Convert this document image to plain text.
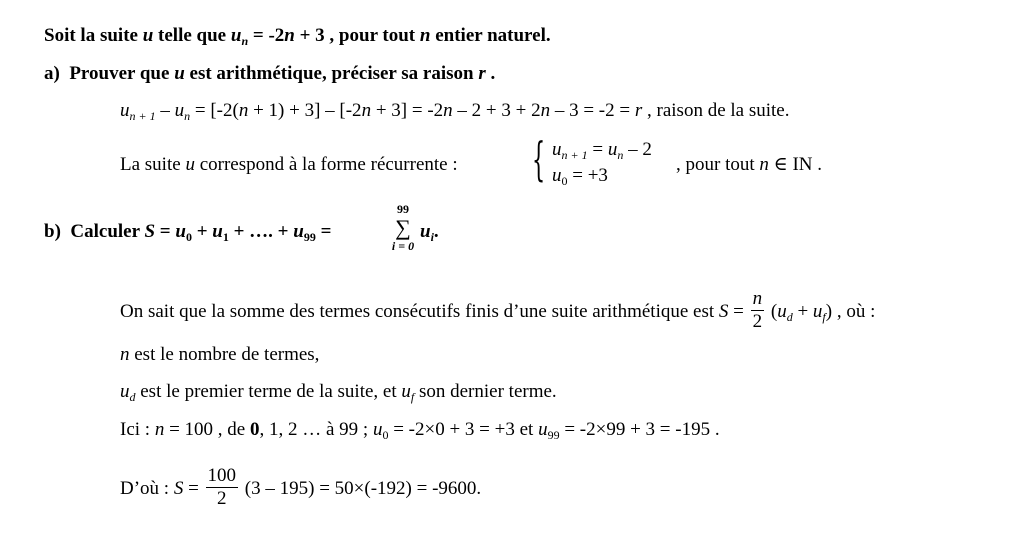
Soit la suite u telle que $u_n = -2n + 3$ , pour tout n entier naturel.
a) Prouver que u est arithmétique, préciser sa raison r .
$u_{n + 1} - u_n = [-2(n + 1) + 3] - [-2n + 3] = -2n - 2 + 3 + 2n - 3 = -2 = r$ , raison de la suite.
La suite u correspond à la forme récurrente : { $u_{n + 1} = u_n - 2$
$u_0 = +3$
, pour tout n ∈ IN .
b) Calculer $S = u_0 + u_1$ + …. + $u_{99}$ =
99
∑
i = 0
$u_i$.
On sait que la somme des termes consécutifs finis d’une suite arithmétique est $S = \frac{n}{2} (u_d + u_f)$ , où :
n est le nombre de termes,
$u_d$ est le premier terme de la suite, et $u_f$ son dernier terme.
Ici : n = 100 , de 0, 1, 2 … à 99 ; $u_0 = -2\times 0 + 3 = +3$ et $u_{99} = -2\times 99 + 3 = -195$ .
D’où : $S = \frac{100}{2} (3 - 195) = 50\times(-192) = -9600$.
